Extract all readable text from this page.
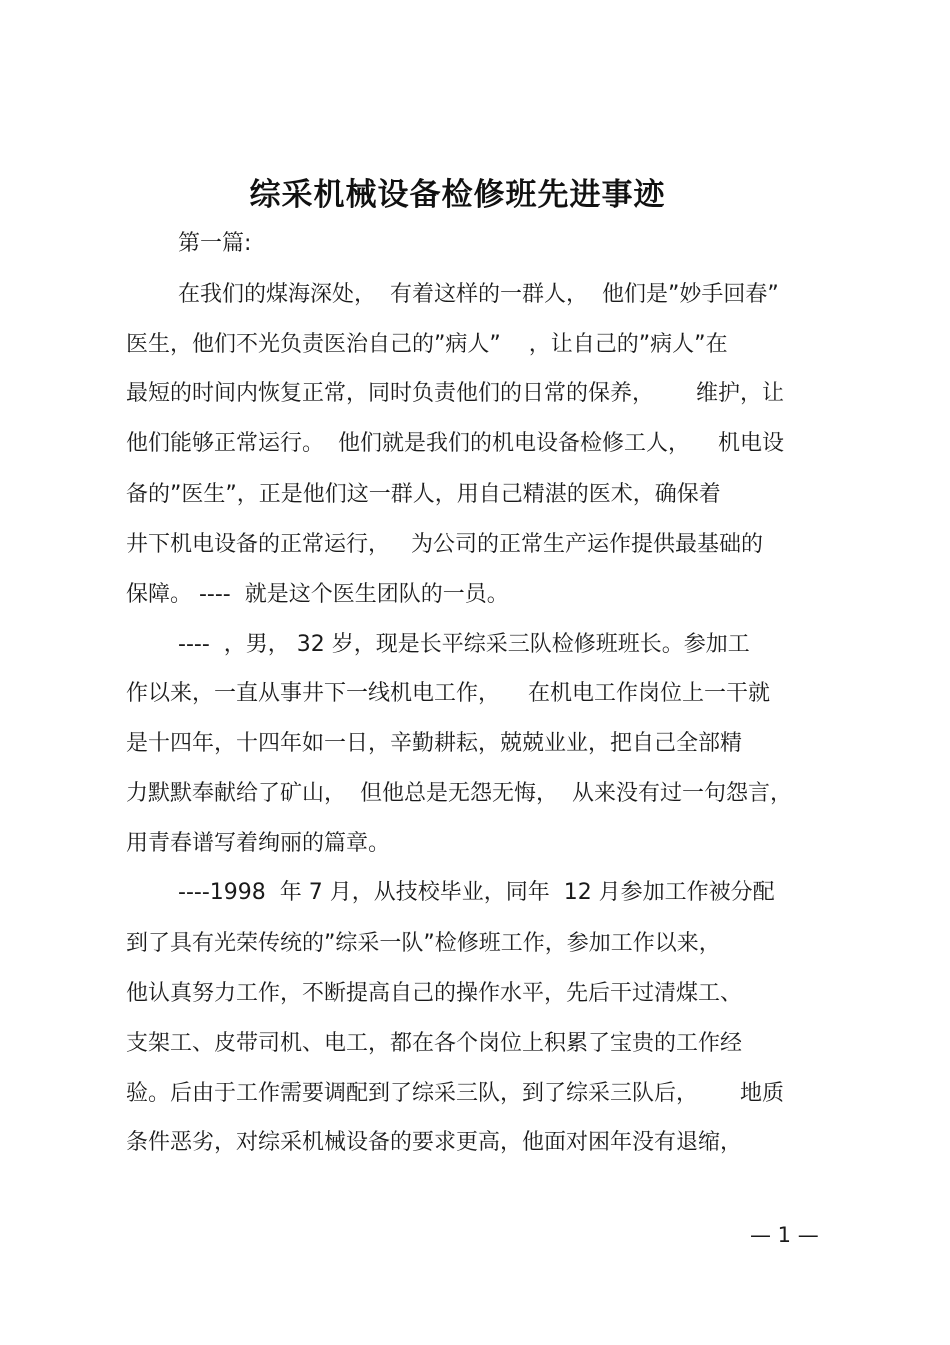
综采机械设备检修班先进事迹
第一篇:
在我们的煤海深处，  有着这样的一群人，  他们是”妙手回春”
医生，他们不光负责医治自己的”病人”    ，让自己的”病人”在
最短的时间内恢复正常，同时负责他们的日常的保养，      维护，让
他们能够正常运行。  他们就是我们的机电设备检修工人，    机电设
备的”医生”，正是他们这一群人，用自己精湛的医术，确保着
井下机电设备的正常运行，   为公司的正常生产运作提供最基础的
保障。 ----  就是这个医生团队的一员。
----  ，男， 32 岁，现是长平综采三队检修班班长。参加工
作以来，一直从事井下一线机电工作，    在机电工作岗位上一干就
是十四年，十四年如一日，辛勤耕耘，兢兢业业，把自己全部精
力默默奉献给了矿山，  但他总是无怨无悔，  从来没有过一句怨言，
用青春谱写着绚丽的篇章。
----1998  年 7 月，从技校毕业，同年  12 月参加工作被分配
到了具有光荣传统的”综采一队”检修班工作，参加工作以来，
他认真努力工作，不断提高自己的操作水平，先后干过清煤工、
支架工、皮带司机、电工，都在各个岗位上积累了宝贵的工作经
验。后由于工作需要调配到了综采三队，到了综采三队后，      地质
条件恶劣，对综采机械设备的要求更高，他面对困年没有退缩，
— 1 —
